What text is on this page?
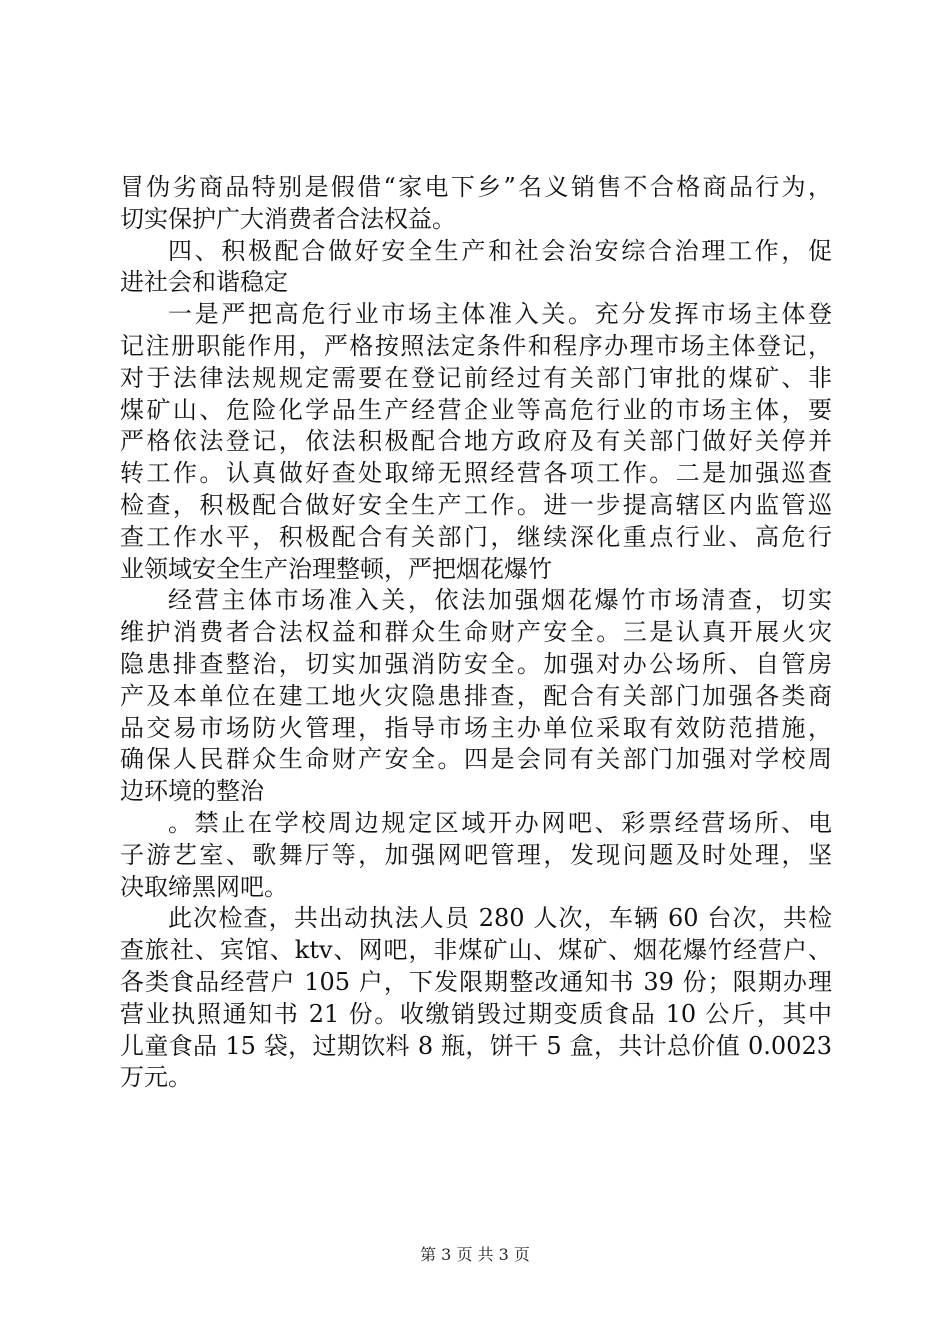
冒伪劣商品特别是假借“家电下乡”名义销售不合格商品行为，
切实保护广大消费者合法权益。
四、积极配合做好安全生产和社会治安综合治理工作，促
进社会和谐稳定
一是严把高危行业市场主体准入关。充分发挥市场主体登
记注册职能作用，严格按照法定条件和程序办理市场主体登记，
对于法律法规规定需要在登记前经过有关部门审批的煤矿、非
煤矿山、危险化学品生产经营企业等高危行业的市场主体，要
严格依法登记，依法积极配合地方政府及有关部门做好关停并
转工作。认真做好查处取缔无照经营各项工作。二是加强巡查
检查，积极配合做好安全生产工作。进一步提高辖区内监管巡
查工作水平，积极配合有关部门，继续深化重点行业、高危行
业领域安全生产治理整顿，严把烟花爆竹
经营主体市场准入关，依法加强烟花爆竹市场清查，切实
维护消费者合法权益和群众生命财产安全。三是认真开展火灾
隐患排查整治，切实加强消防安全。加强对办公场所、自管房
产及本单位在建工地火灾隐患排查，配合有关部门加强各类商
品交易市场防火管理，指导市场主办单位采取有效防范措施，
确保人民群众生命财产安全。四是会同有关部门加强对学校周
边环境的整治
。禁止在学校周边规定区域开办网吧、彩票经营场所、电
子游艺室、歌舞厅等，加强网吧管理，发现问题及时处理，坚
决取缔黑网吧。
此次检查，共出动执法人员 280 人次，车辆 60 台次，共检
查旅社、宾馆、ktv、网吧，非煤矿山、煤矿、烟花爆竹经营户、
各类食品经营户 105 户，下发限期整改通知书 39 份；限期办理
营业执照通知书 21 份。收缴销毁过期变质食品 10 公斤，其中
儿童食品 15 袋，过期饮料 8 瓶，饼干 5 盒，共计总价值 0.0023
万元。
第 3 页 共 3 页
